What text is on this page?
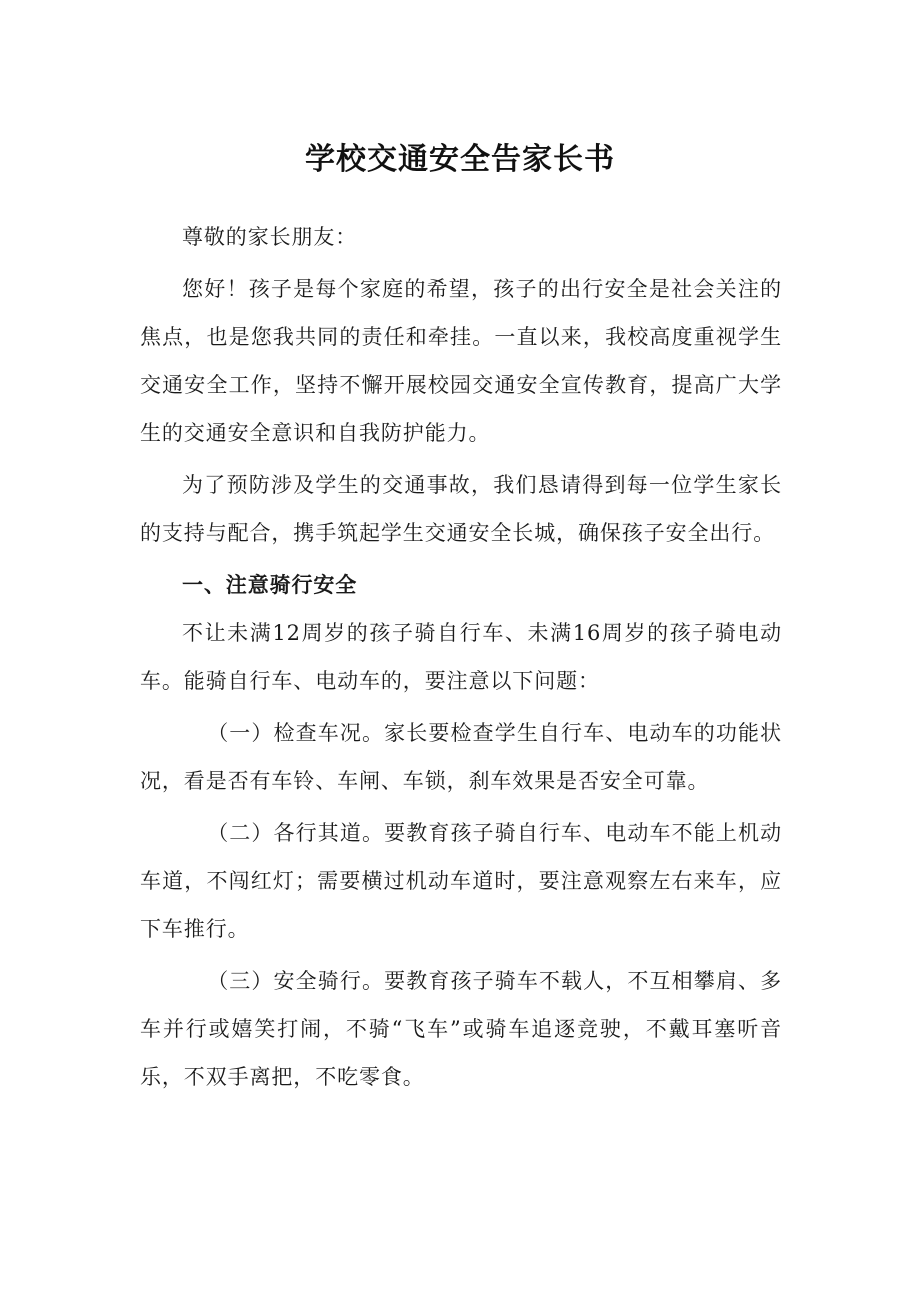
学校交通安全告家长书

尊敬的家长朋友：

您好！孩子是每个家庭的希望，孩子的出行安全是社会关注的焦点，也是您我共同的责任和牵挂。一直以来，我校高度重视学生交通安全工作，坚持不懈开展校园交通安全宣传教育，提高广大学生的交通安全意识和自我防护能力。

为了预防涉及学生的交通事故，我们恳请得到每一位学生家长的支持与配合，携手筑起学生交通安全长城，确保孩子安全出行。

一、注意骑行安全

不让未满12周岁的孩子骑自行车、未满16周岁的孩子骑电动车。能骑自行车、电动车的，要注意以下问题：

（一）检查车况。家长要检查学生自行车、电动车的功能状况，看是否有车铃、车闸、车锁，刹车效果是否安全可靠。

（二）各行其道。要教育孩子骑自行车、电动车不能上机动车道，不闯红灯；需要横过机动车道时，要注意观察左右来车，应下车推行。

（三）安全骑行。要教育孩子骑车不载人，不互相攀肩、多车并行或嬉笑打闹，不骑“飞车”或骑车追逐竞驶，不戴耳塞听音乐，不双手离把，不吃零食。
